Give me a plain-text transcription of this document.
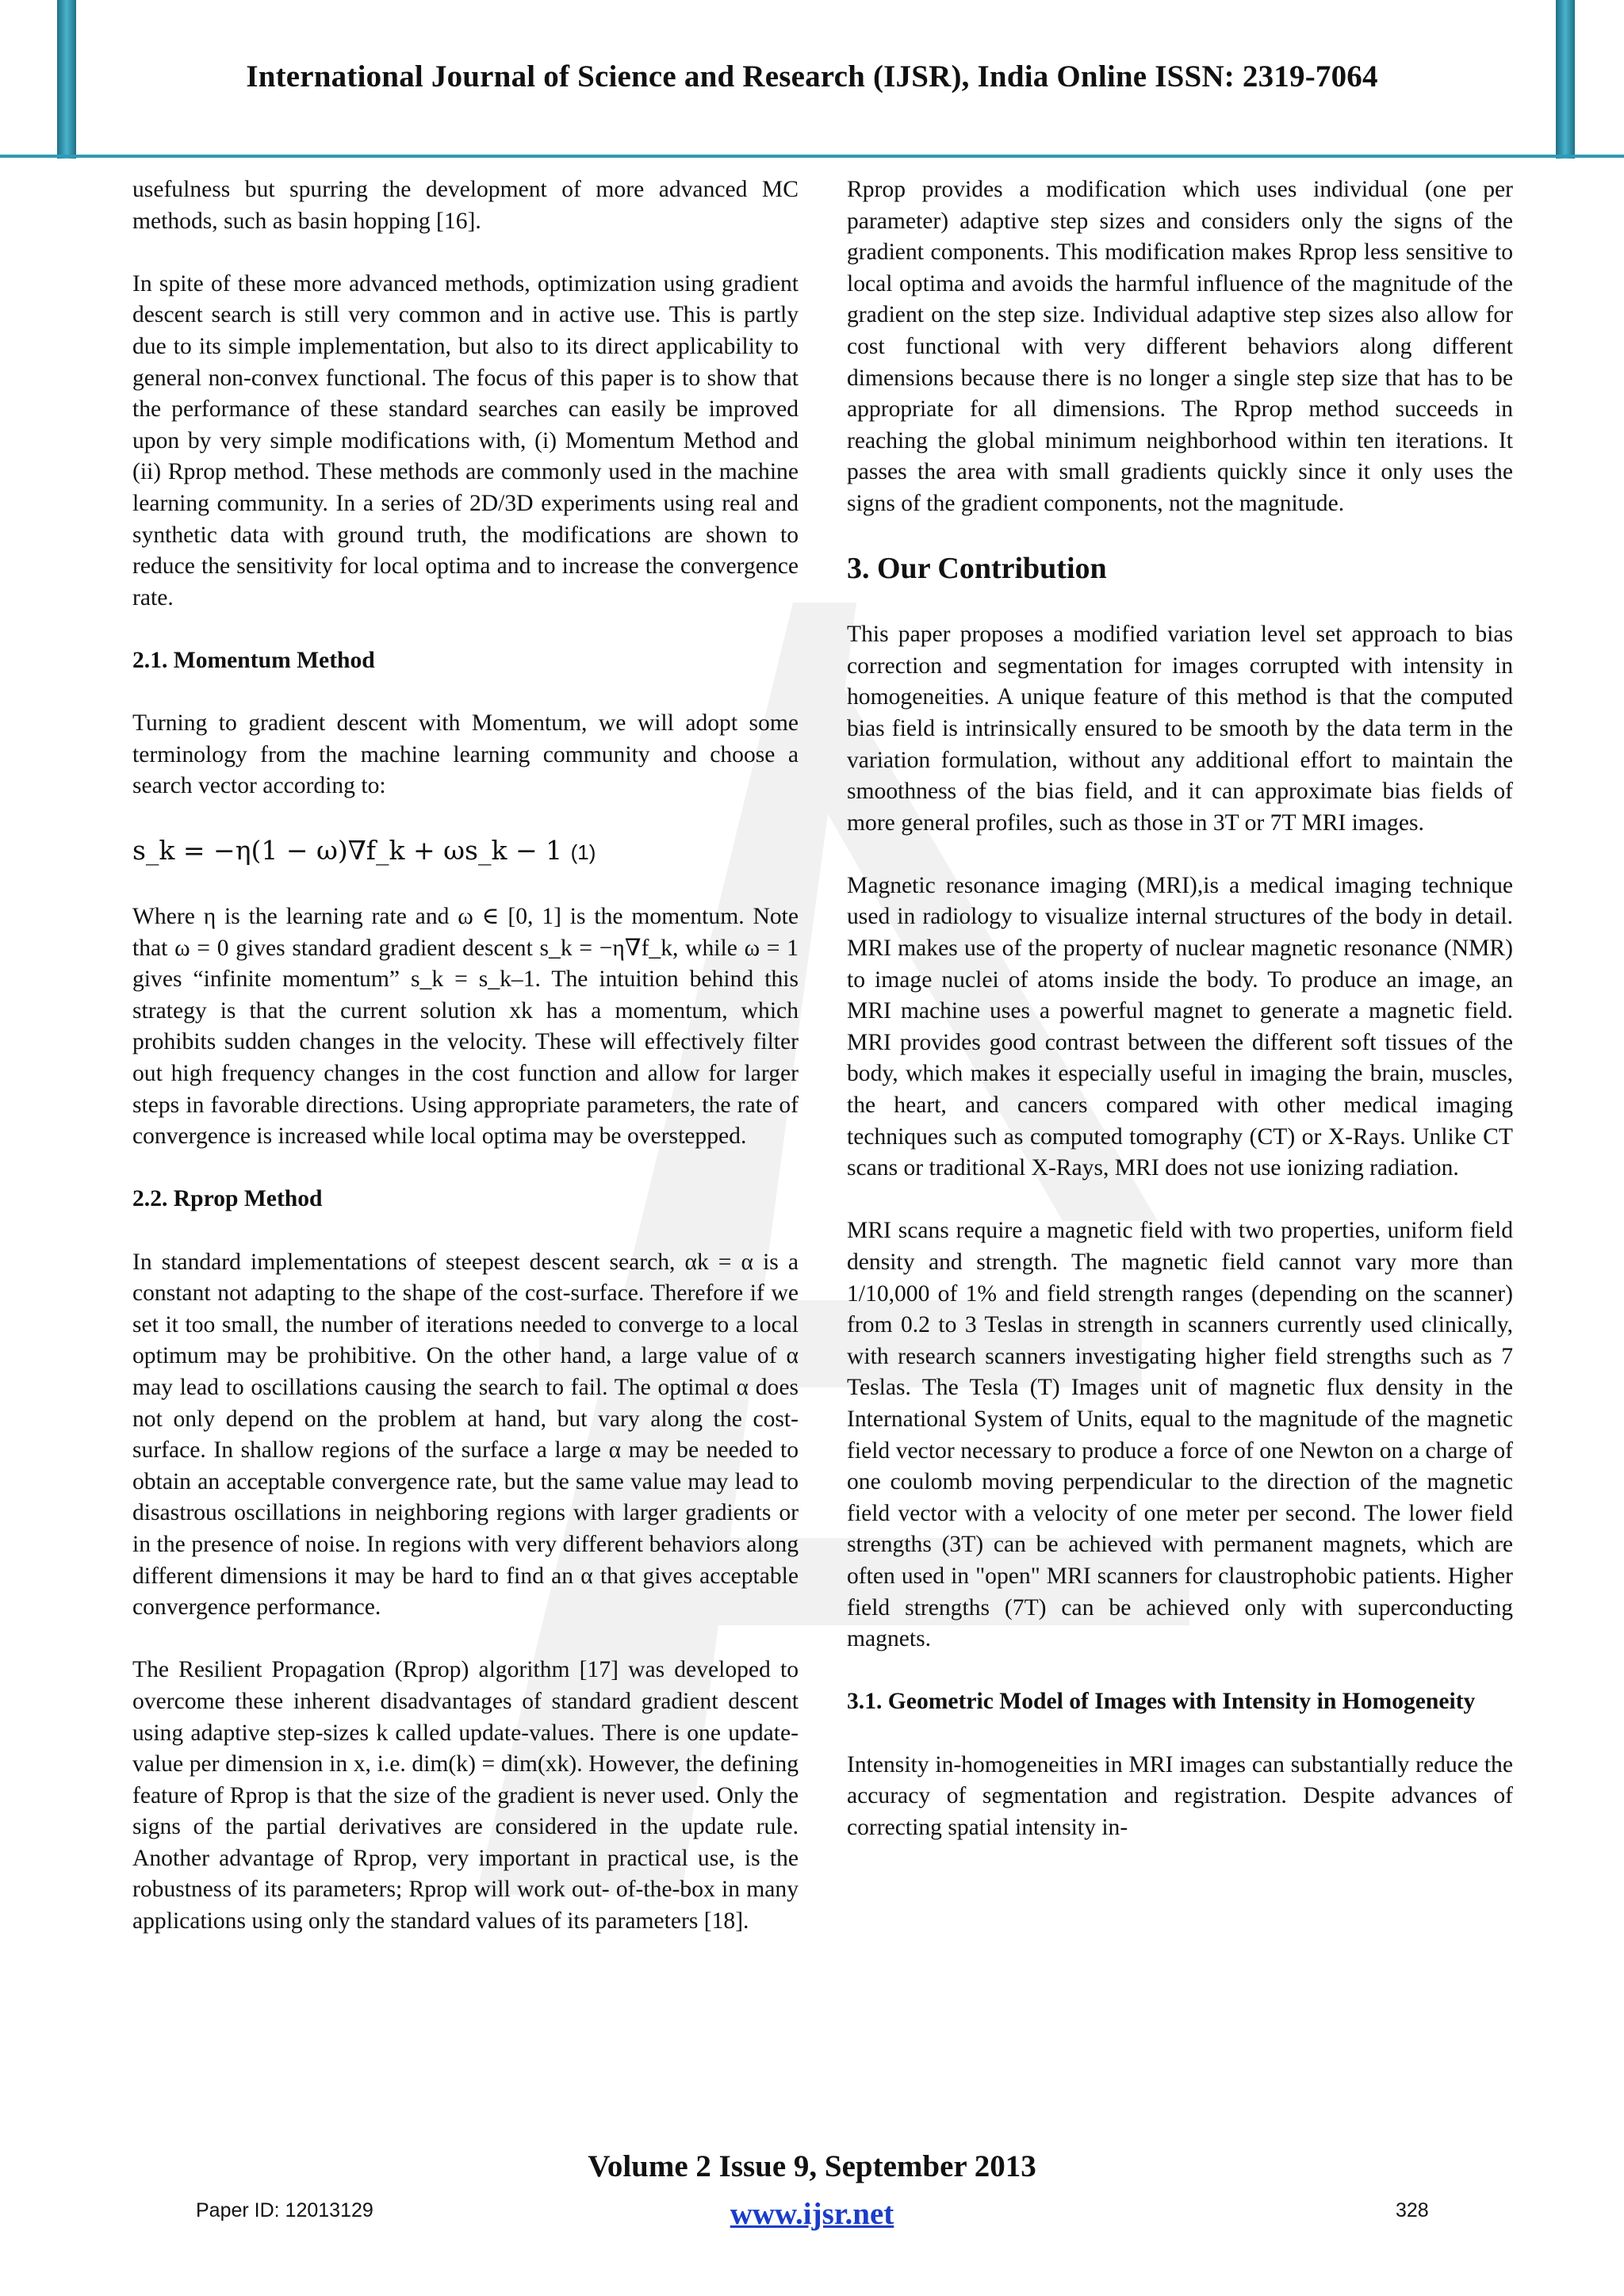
International Journal of Science and Research (IJSR), India Online ISSN: 2319-7064

usefulness but spurring the development of more advanced MC methods, such as basin hopping [16].

In spite of these more advanced methods, optimization using gradient descent search is still very common and in active use. This is partly due to its simple implementation, but also to its direct applicability to general non-convex functional. The focus of this paper is to show that the performance of these standard searches can easily be improved upon by very simple modifications with, (i) Momentum Method and (ii) Rprop method. These methods are commonly used in the machine learning community. In a series of 2D/3D experiments using real and synthetic data with ground truth, the modifications are shown to reduce the sensitivity for local optima and to increase the convergence rate.

2.1. Momentum Method

Turning to gradient descent with Momentum, we will adopt some terminology from the machine learning community and choose a search vector according to:

s_k = −η(1 − ω)∇f_k + ωs_k − 1 (1)

Where η is the learning rate and ω ∈ [0, 1] is the momentum. Note that ω = 0 gives standard gradient descent s_k = −η∇f_k, while ω = 1 gives “infinite momentum” s_k = s_k–1. The intuition behind this strategy is that the current solution xk has a momentum, which prohibits sudden changes in the velocity. These will effectively filter out high frequency changes in the cost function and allow for larger steps in favorable directions. Using appropriate parameters, the rate of convergence is increased while local optima may be overstepped.

2.2. Rprop Method

In standard implementations of steepest descent search, αk = α is a constant not adapting to the shape of the cost-surface. Therefore if we set it too small, the number of iterations needed to converge to a local optimum may be prohibitive. On the other hand, a large value of α may lead to oscillations causing the search to fail. The optimal α does not only depend on the problem at hand, but vary along the cost-surface. In shallow regions of the surface a large α may be needed to obtain an acceptable convergence rate, but the same value may lead to disastrous oscillations in neighboring regions with larger gradients or in the presence of noise. In regions with very different behaviors along different dimensions it may be hard to find an α that gives acceptable convergence performance.

The Resilient Propagation (Rprop) algorithm [17] was developed to overcome these inherent disadvantages of standard gradient descent using adaptive step-sizes k called update-values. There is one update-value per dimension in x, i.e. dim(k) = dim(xk). However, the defining feature of Rprop is that the size of the gradient is never used. Only the signs of the partial derivatives are considered in the update rule. Another advantage of Rprop, very important in practical use, is the robustness of its parameters; Rprop will work out- of-the-box in many applications using only the standard values of its parameters [18].

Rprop provides a modification which uses individual (one per parameter) adaptive step sizes and considers only the signs of the gradient components. This modification makes Rprop less sensitive to local optima and avoids the harmful influence of the magnitude of the gradient on the step size. Individual adaptive step sizes also allow for cost functional with very different behaviors along different dimensions because there is no longer a single step size that has to be appropriate for all dimensions. The Rprop method succeeds in reaching the global minimum neighborhood within ten iterations. It passes the area with small gradients quickly since it only uses the signs of the gradient components, not the magnitude.

3. Our Contribution

This paper proposes a modified variation level set approach to bias correction and segmentation for images corrupted with intensity in homogeneities. A unique feature of this method is that the computed bias field is intrinsically ensured to be smooth by the data term in the variation formulation, without any additional effort to maintain the smoothness of the bias field, and it can approximate bias fields of more general profiles, such as those in 3T or 7T MRI images.

Magnetic resonance imaging (MRI),is a medical imaging technique used in radiology to visualize internal structures of the body in detail. MRI makes use of the property of nuclear magnetic resonance (NMR) to image nuclei of atoms inside the body. To produce an image, an MRI machine uses a powerful magnet to generate a magnetic field. MRI provides good contrast between the different soft tissues of the body, which makes it especially useful in imaging the brain, muscles, the heart, and cancers compared with other medical imaging techniques such as computed tomography (CT) or X-Rays. Unlike CT scans or traditional X-Rays, MRI does not use ionizing radiation.

MRI scans require a magnetic field with two properties, uniform field density and strength. The magnetic field cannot vary more than 1/10,000 of 1% and field strength ranges (depending on the scanner) from 0.2 to 3 Teslas in strength in scanners currently used clinically, with research scanners investigating higher field strengths such as 7 Teslas. The Tesla (T) Images unit of magnetic flux density in the International System of Units, equal to the magnitude of the magnetic field vector necessary to produce a force of one Newton on a charge of one coulomb moving perpendicular to the direction of the magnetic field vector with a velocity of one meter per second. The lower field strengths (3T) can be achieved with permanent magnets, which are often used in "open" MRI scanners for claustrophobic patients. Higher field strengths (7T) can be achieved only with superconducting magnets.

3.1. Geometric Model of Images with Intensity in Homogeneity

Intensity in-homogeneities in MRI images can substantially reduce the accuracy of segmentation and registration. Despite advances of correcting spatial intensity in-

Volume 2 Issue 9, September 2013
www.ijsr.net
Paper ID: 12013129	328
